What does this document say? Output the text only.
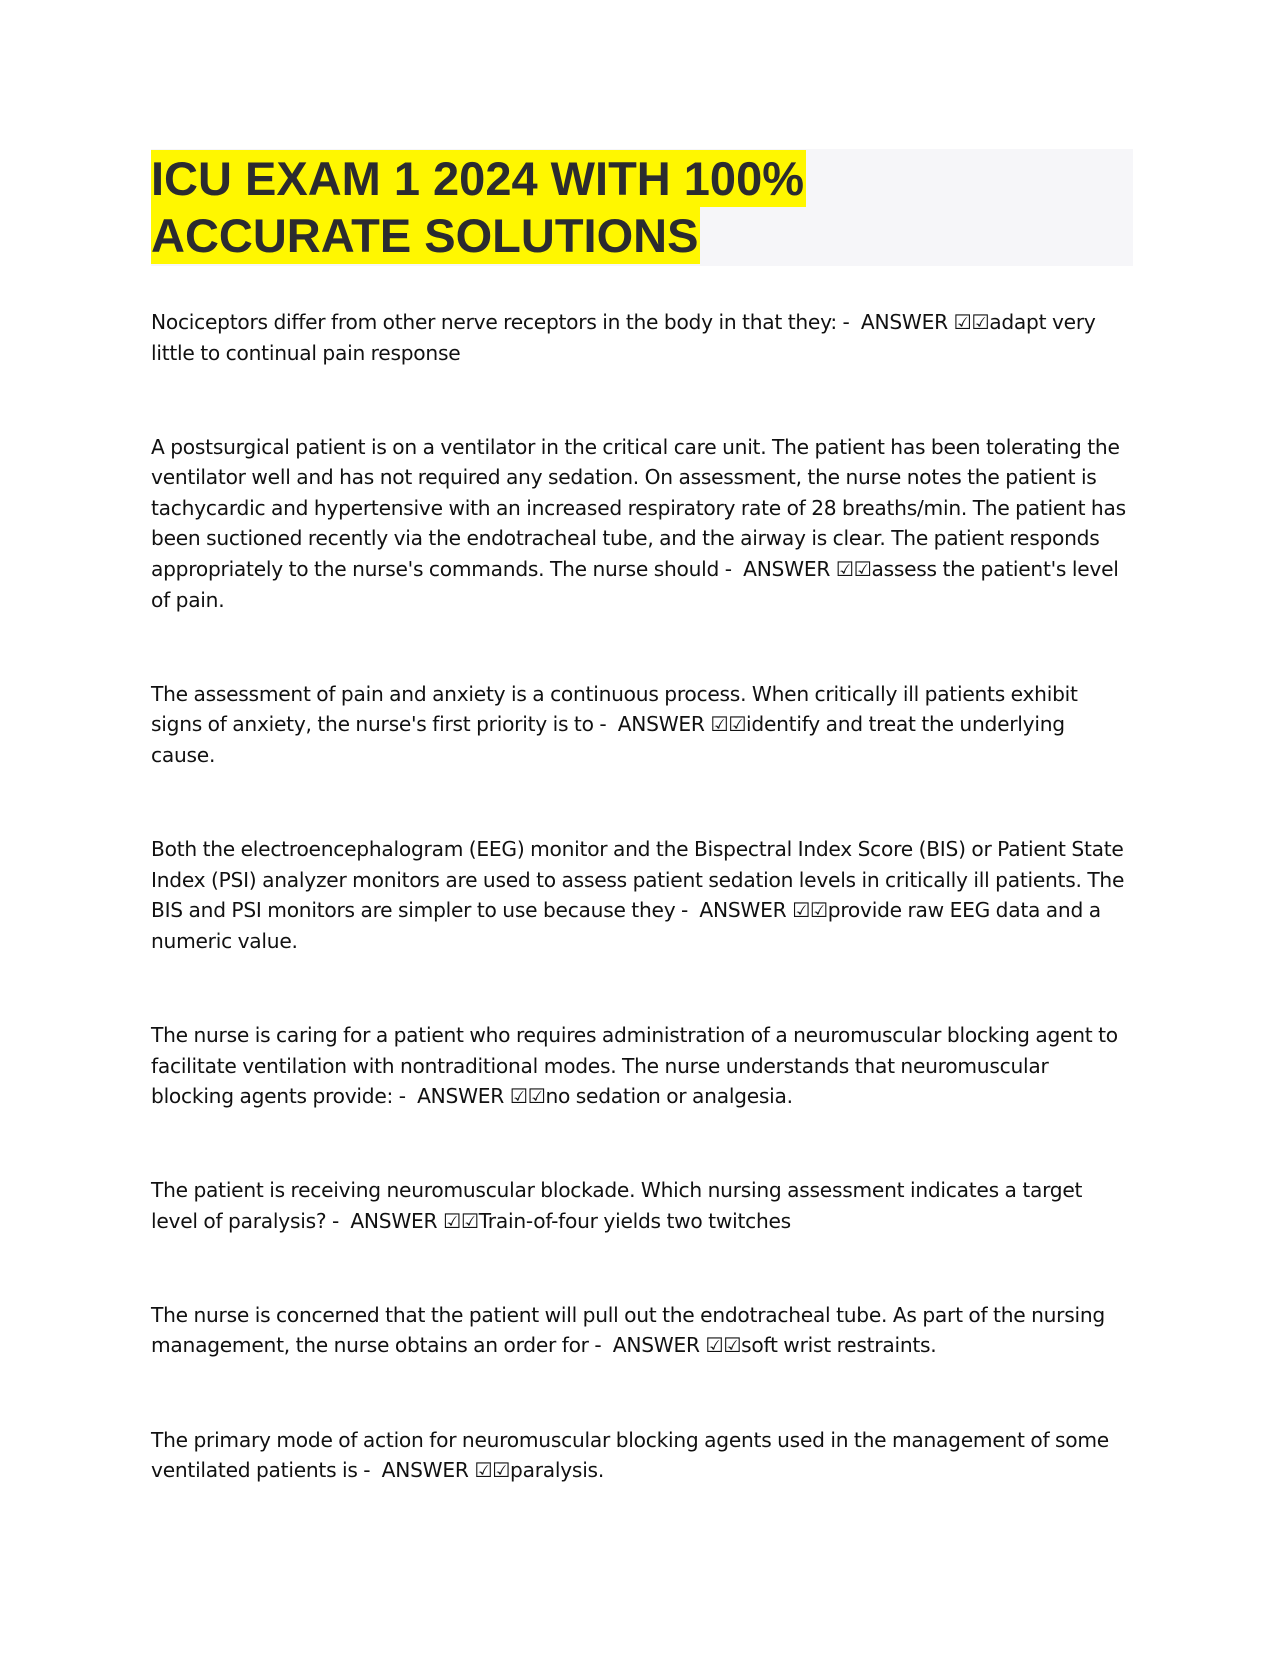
ICU EXAM 1 2024 WITH 100%
ACCURATE SOLUTIONS

Nociceptors differ from other nerve receptors in the body in that they: -  ANSWER ☑☑adapt very little to continual pain response

A postsurgical patient is on a ventilator in the critical care unit. The patient has been tolerating the ventilator well and has not required any sedation. On assessment, the nurse notes the patient is tachycardic and hypertensive with an increased respiratory rate of 28 breaths/min. The patient has been suctioned recently via the endotracheal tube, and the airway is clear. The patient responds appropriately to the nurse's commands. The nurse should -  ANSWER ☑☑assess the patient's level of pain.

The assessment of pain and anxiety is a continuous process. When critically ill patients exhibit signs of anxiety, the nurse's first priority is to -  ANSWER ☑☑identify and treat the underlying cause.

Both the electroencephalogram (EEG) monitor and the Bispectral Index Score (BIS) or Patient State Index (PSI) analyzer monitors are used to assess patient sedation levels in critically ill patients. The BIS and PSI monitors are simpler to use because they -  ANSWER ☑☑provide raw EEG data and a numeric value.

The nurse is caring for a patient who requires administration of a neuromuscular blocking agent to facilitate ventilation with nontraditional modes. The nurse understands that neuromuscular blocking agents provide: -  ANSWER ☑☑no sedation or analgesia.

The patient is receiving neuromuscular blockade. Which nursing assessment indicates a target level of paralysis? -  ANSWER ☑☑Train-of-four yields two twitches

The nurse is concerned that the patient will pull out the endotracheal tube. As part of the nursing management, the nurse obtains an order for -  ANSWER ☑☑soft wrist restraints.

The primary mode of action for neuromuscular blocking agents used in the management of some ventilated patients is -  ANSWER ☑☑paralysis.
